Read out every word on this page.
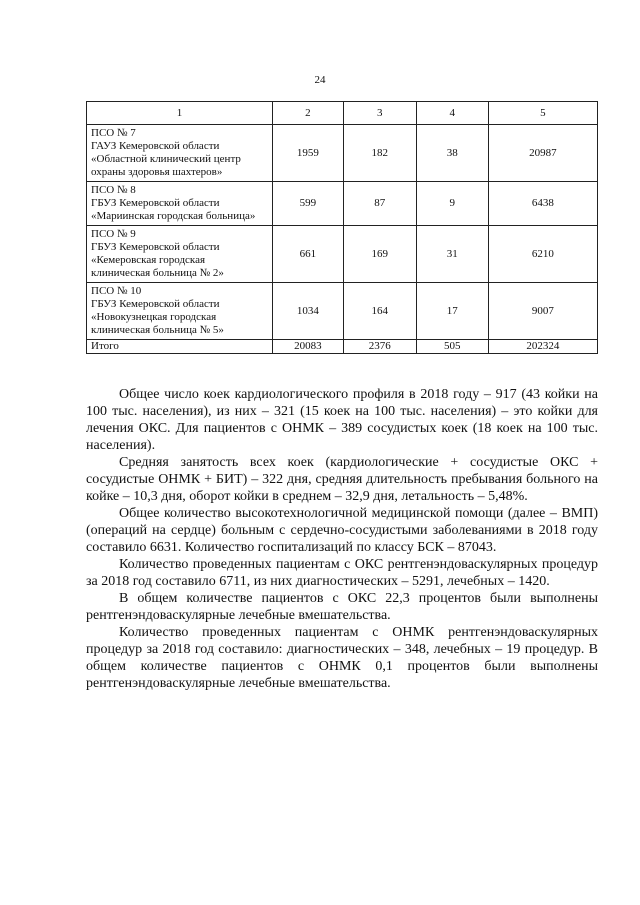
24
1	2	3	4	5

ПСО № 7
ГАУЗ Кемеровской области
«Областной клинический центр
охраны здоровья шахтеров»	1959	182	38	20987

ПСО № 8
ГБУЗ Кемеровской области
«Мариинская городская больница»	599	87	9	6438

ПСО № 9
ГБУЗ Кемеровской области
«Кемеровская городская
клиническая больница № 2»	661	169	31	6210

ПСО № 10
ГБУЗ Кемеровской области
«Новокузнецкая городская
клиническая больница № 5»	1034	164	17	9007
Итого	20083	2376	505	202324

Общее число коек кардиологического профиля в 2018 году – 917 (43 койки на 100 тыс. населения), из них – 321 (15 коек на 100 тыс. населения) – это койки для лечения ОКС. Для пациентов с ОНМК – 389 сосудистых коек (18 коек на 100 тыс. населения).

Средняя занятость всех коек (кардиологические + сосудистые ОКС + сосудистые ОНМК + БИТ) – 322 дня, средняя длительность пребывания больного на койке – 10,3 дня, оборот койки в среднем – 32,9 дня, летальность – 5,48%.

Общее количество высокотехнологичной медицинской помощи (далее – ВМП) (операций на сердце) больным с сердечно-сосудистыми заболеваниями в 2018 году составило 6631. Количество госпитализаций по классу БСК – 87043.

Количество проведенных пациентам с ОКС рентгенэндоваскулярных процедур за 2018 год составило 6711, из них диагностических – 5291, лечебных – 1420.

В общем количестве пациентов с ОКС 22,3 процентов были выполнены рентгенэндоваскулярные лечебные вмешательства.

Количество проведенных пациентам с ОНМК рентгенэндоваскулярных процедур за 2018 год составило: диагностических – 348, лечебных – 19 процедур. В общем количестве пациентов с ОНМК 0,1 процентов были выполнены рентгенэндоваскулярные лечебные вмешательства.
